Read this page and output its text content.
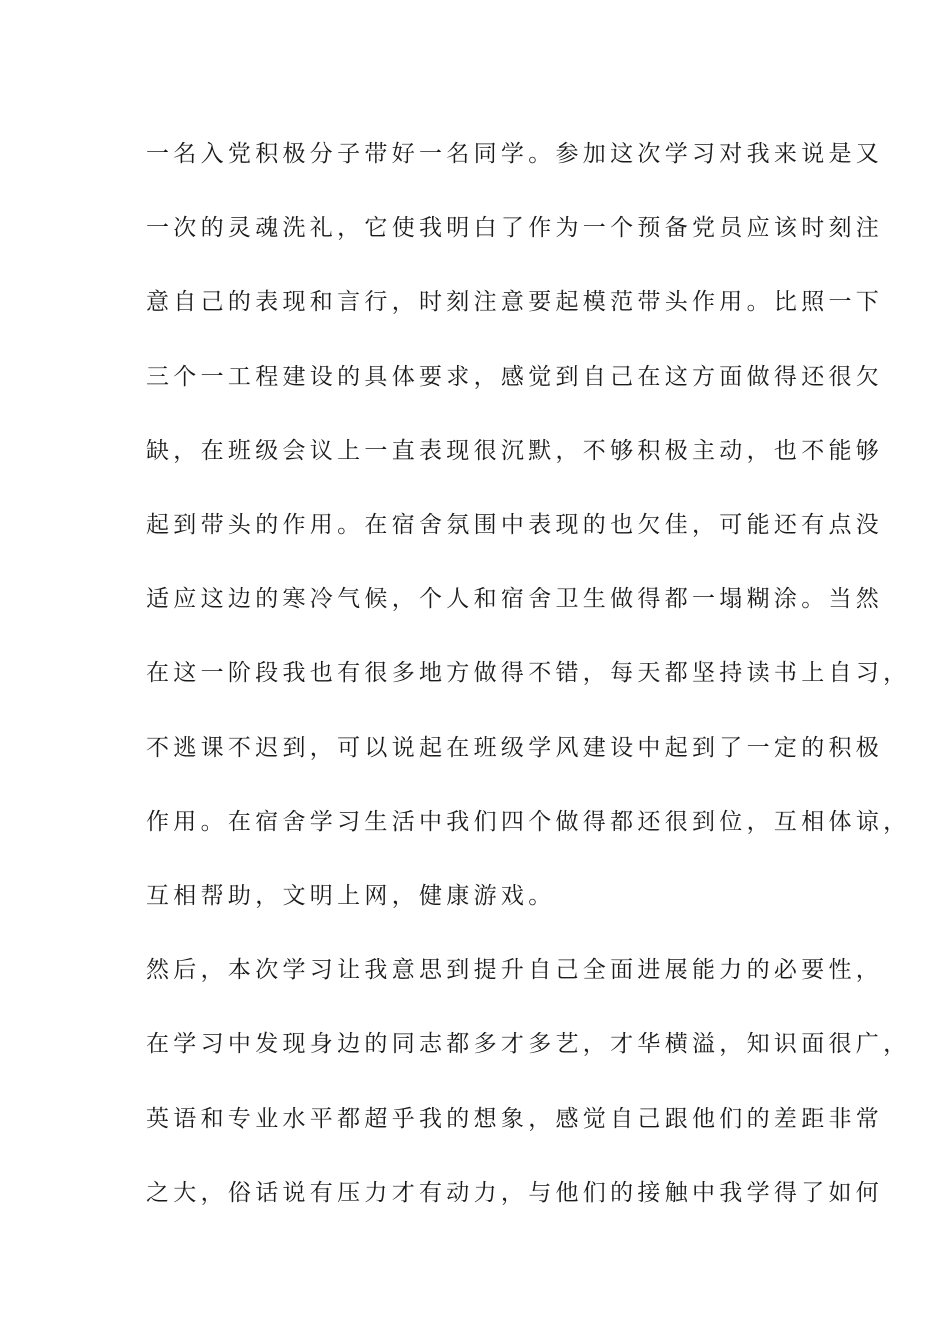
一名入党积极分子带好一名同学。参加这次学习对我来说是又
一次的灵魂洗礼，它使我明白了作为一个预备党员应该时刻注
意自己的表现和言行，时刻注意要起模范带头作用。比照一下
三个一工程建设的具体要求，感觉到自己在这方面做得还很欠
缺，在班级会议上一直表现很沉默，不够积极主动，也不能够
起到带头的作用。在宿舍氛围中表现的也欠佳，可能还有点没
适应这边的寒冷气候，个人和宿舍卫生做得都一塌糊涂。当然
在这一阶段我也有很多地方做得不错，每天都坚持读书上自习，
不逃课不迟到，可以说起在班级学风建设中起到了一定的积极
作用。在宿舍学习生活中我们四个做得都还很到位，互相体谅，
互相帮助，文明上网，健康游戏。
然后，本次学习让我意思到提升自己全面进展能力的必要性，
在学习中发现身边的同志都多才多艺，才华横溢，知识面很广，
英语和专业水平都超乎我的想象，感觉自己跟他们的差距非常
之大，俗话说有压力才有动力，与他们的接触中我学得了如何
